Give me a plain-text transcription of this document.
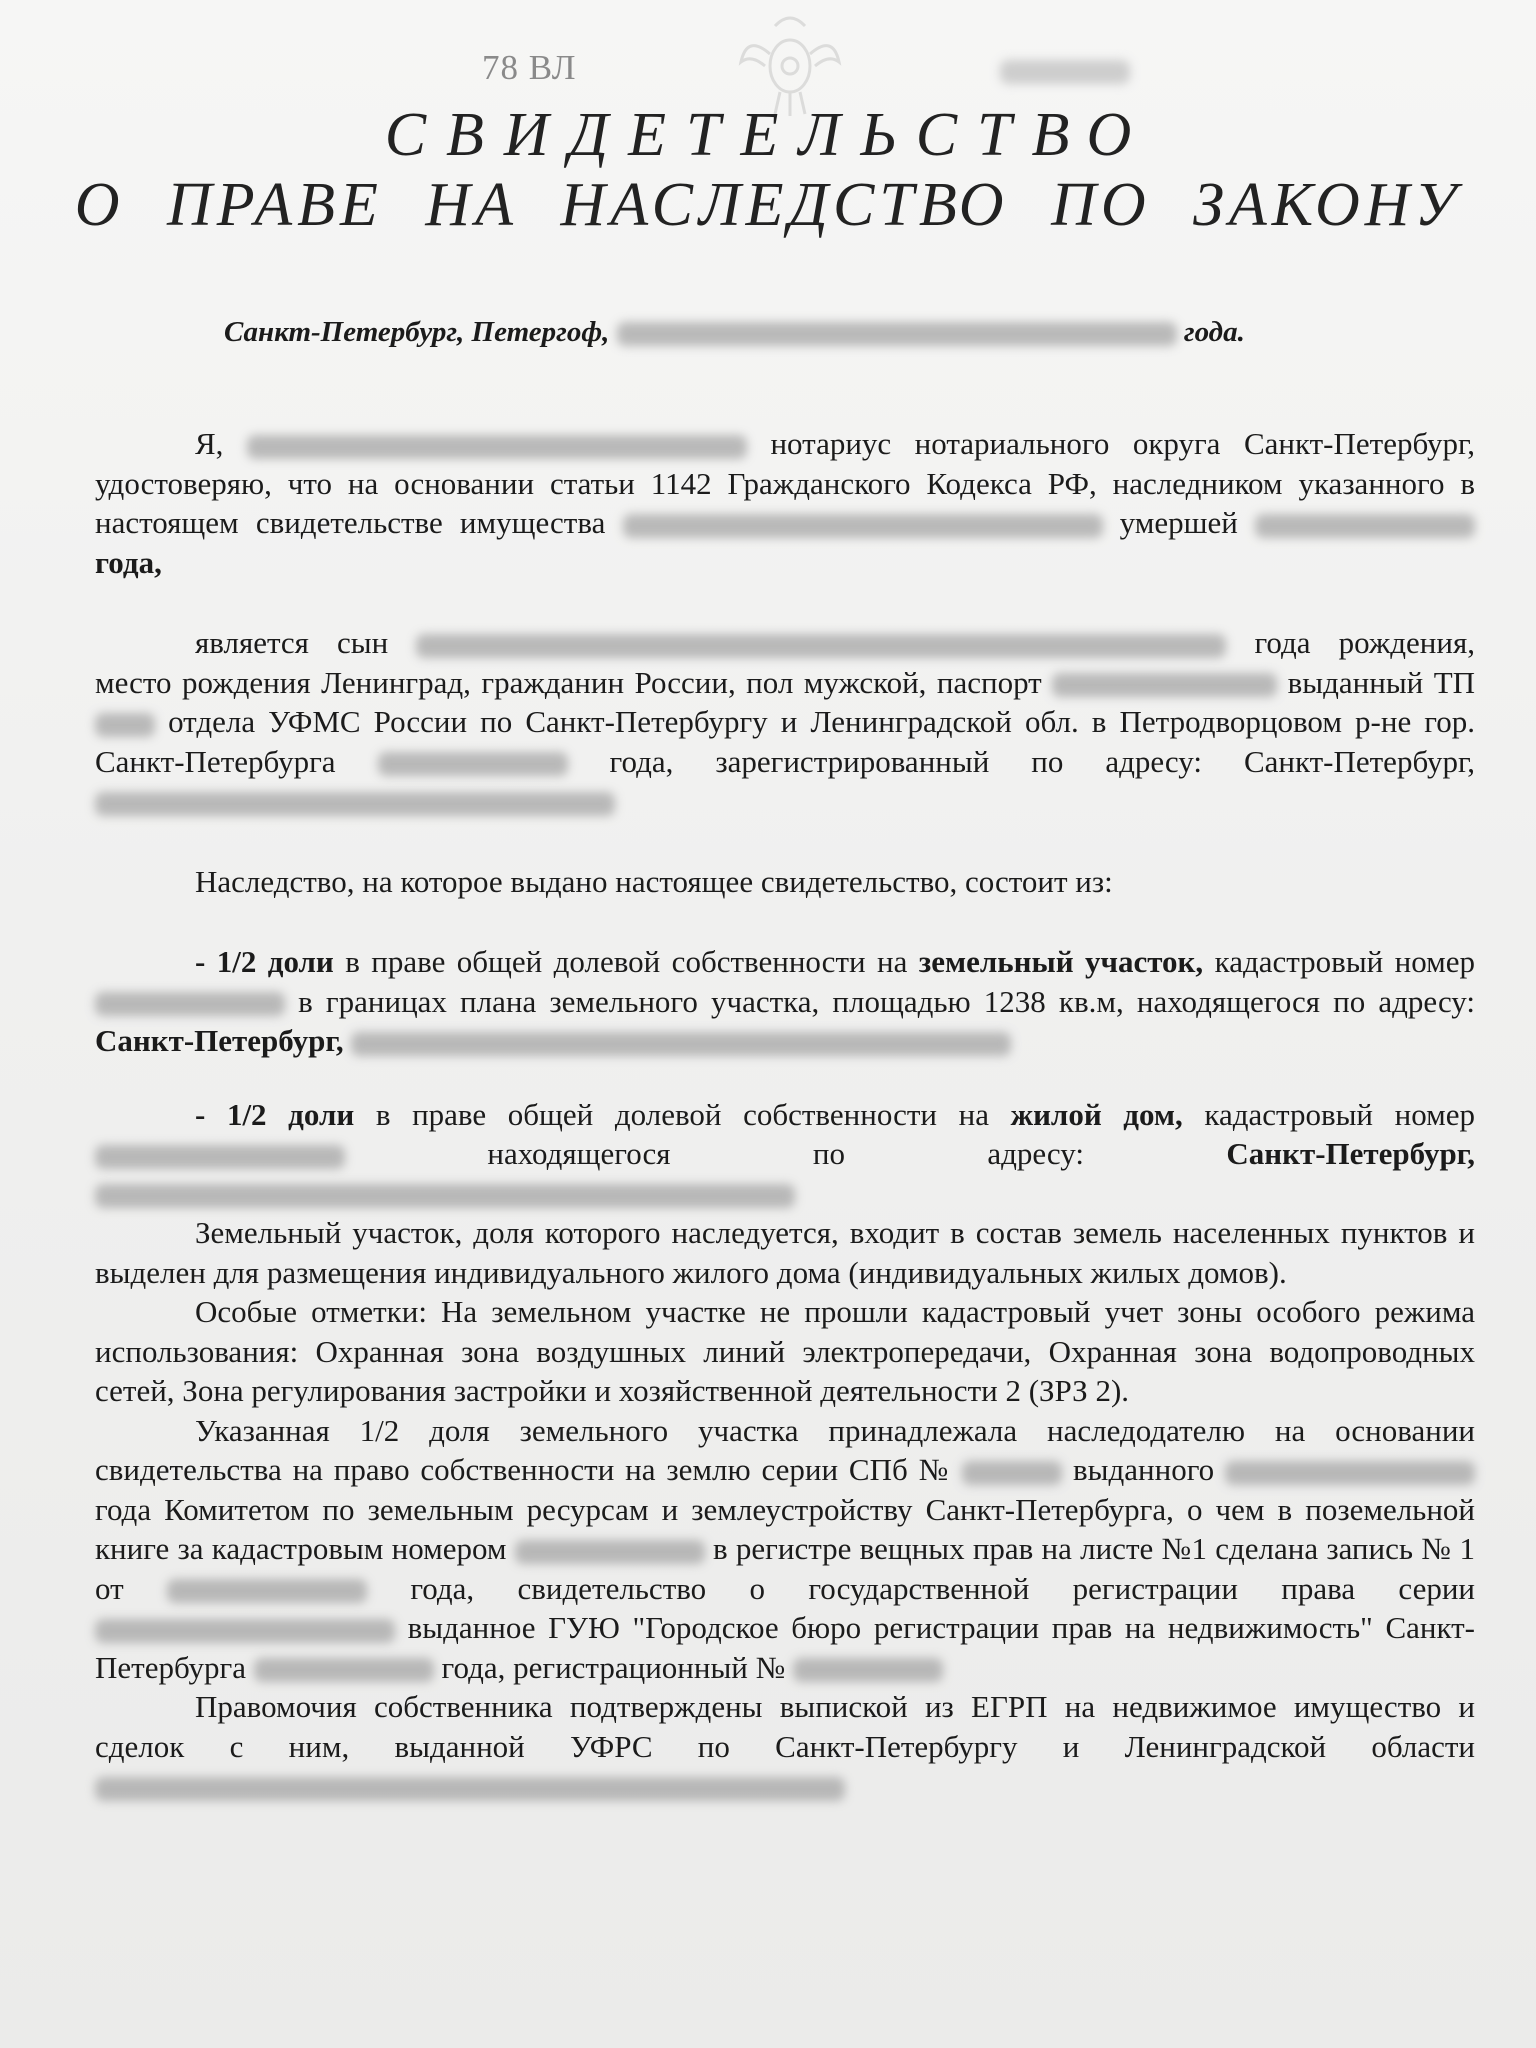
78 ВЛ
СВИДЕТЕЛЬСТВО
О ПРАВЕ НА НАСЛЕДСТВО ПО ЗАКОНУ
Санкт-Петербург, Петергоф,	года.

Я,	нотариус нотариального округа Санкт-Петербург, удостоверяю, что на основании статьи 1142 Гражданского Кодекса РФ, наследником указанного в настоящем свидетельстве имущества	умершей  года,

является сын	года рождения, место рождения Ленинград, гражданин России, пол мужской, паспорт	выданный ТП  отдела УФМС России по Санкт-Петербургу и Ленинградской обл. в Петродворцовом р-не гор. Санкт-Петербурга	года, зарегистрированный по адресу: Санкт-Петербург,

Наследство, на которое выдано настоящее свидетельство, состоит из:

- 1/2 доли в праве общей долевой собственности на земельный участок, кадастровый номер  в границах плана земельного участка, площадью 1238 кв.м, находящегося по адресу: Санкт-Петербург,

- 1/2 доли в праве общей долевой собственности на жилой дом, кадастровый номер  находящегося по адресу:	Санкт-Петербург,

Земельный участок, доля которого наследуется, входит в состав земель населенных пунктов и выделен для размещения индивидуального жилого дома (индивидуальных жилых домов).

Особые отметки: На земельном участке не прошли кадастровый учет зоны особого режима использования: Охранная зона воздушных линий электропередачи, Охранная зона водопроводных сетей, Зона регулирования застройки и хозяйственной деятельности 2 (ЗРЗ 2).

Указанная 1/2 доля земельного участка принадлежала наследодателю на основании свидетельства на право собственности на землю серии СПб №	выданного  года Комитетом по земельным ресурсам и землеустройству Санкт-Петербурга, о чем в поземельной книге за кадастровым номером	в регистре вещных прав на листе №1 сделана запись № 1 от	года, свидетельство о государственной регистрации права серии  выданное ГУЮ "Городское бюро регистрации прав на недвижимость" Санкт-Петербурга	года, регистрационный №

Правомочия собственника подтверждены выпиской из ЕГРП на недвижимое имущество и сделок с ним, выданной УФРС по Санкт-Петербургу и Ленинградской области
